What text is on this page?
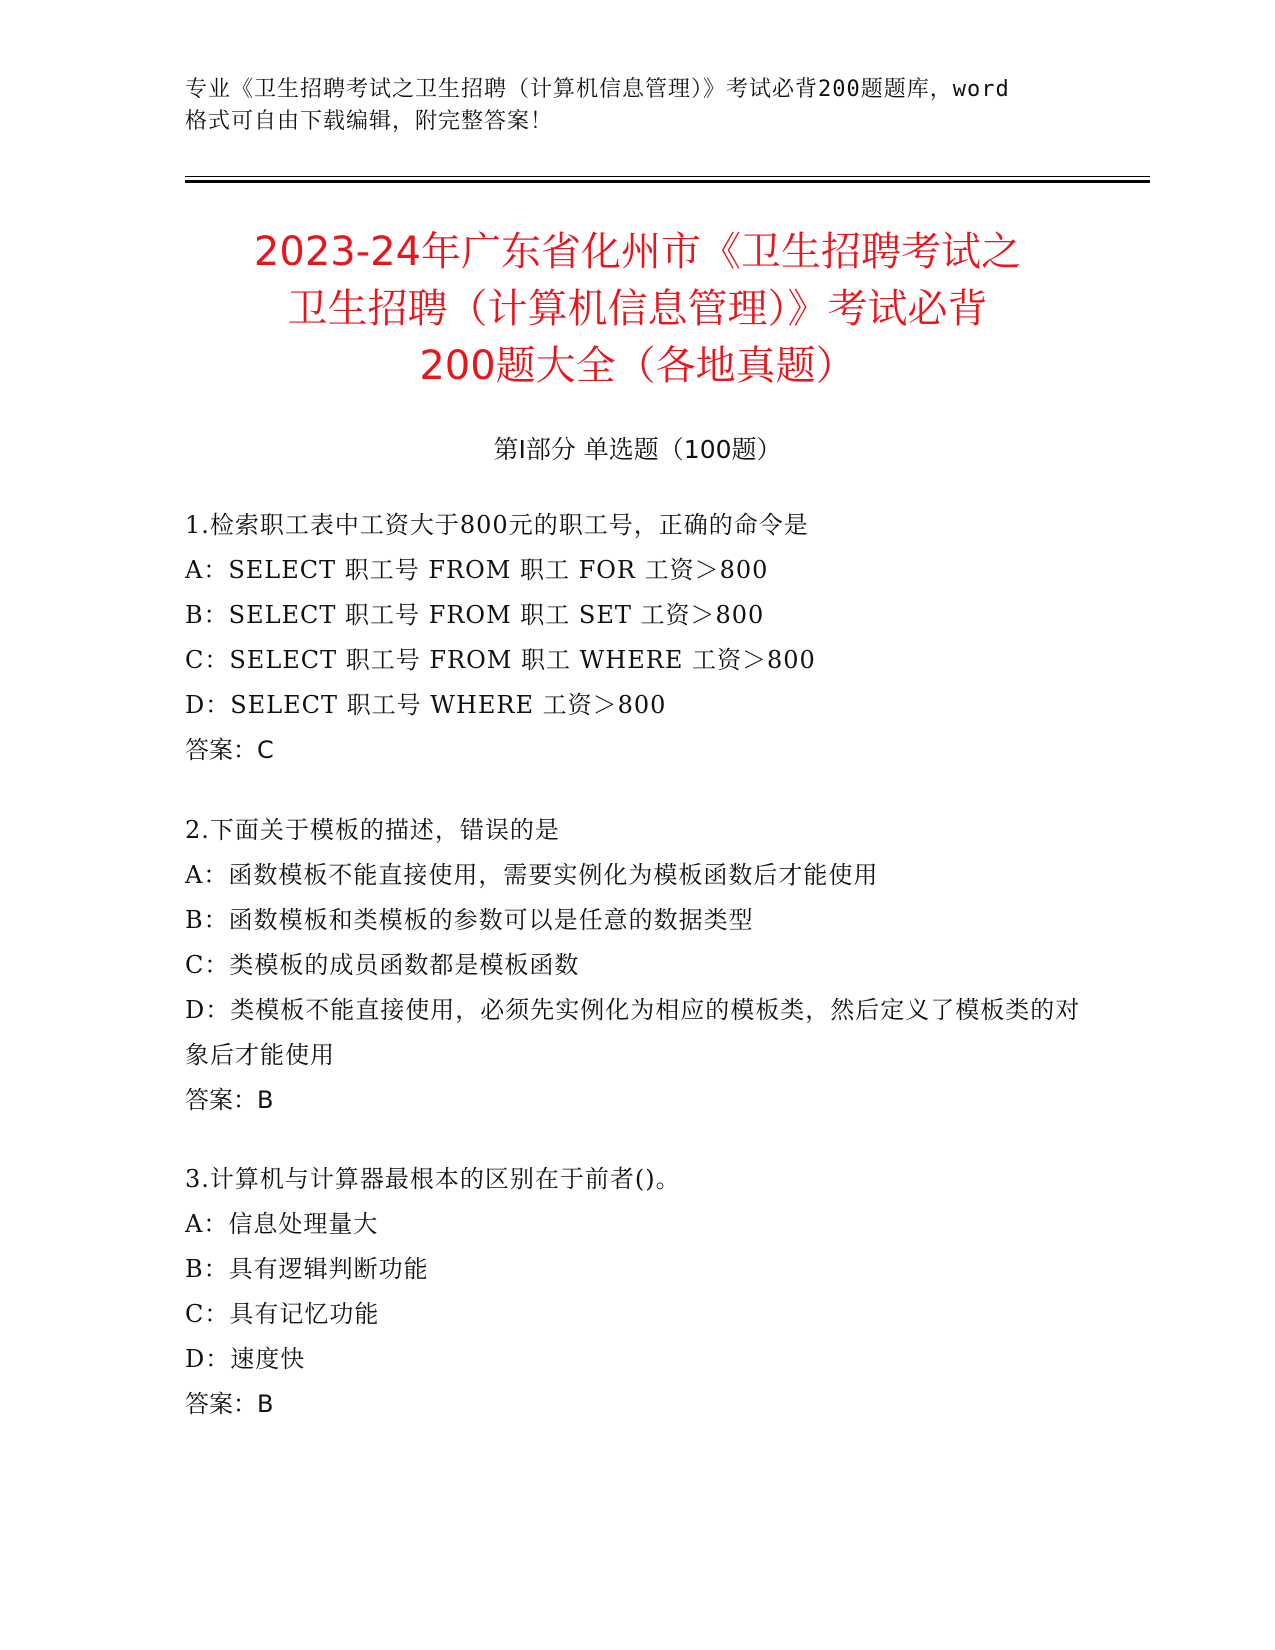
专业《卫生招聘考试之卫生招聘（计算机信息管理）》考试必背200题题库，word
格式可自由下载编辑，附完整答案！
2023-24年广东省化州市《卫生招聘考试之
卫生招聘（计算机信息管理）》考试必背
200题大全（各地真题）
第Ⅰ部分 单选题（100题）
1.检索职工表中工资大于800元的职工号，正确的命令是
A：SELECT 职工号 FROM 职工 FOR 工资＞800
B：SELECT 职工号 FROM 职工 SET 工资＞800
C：SELECT 职工号 FROM 职工 WHERE 工资＞800
D：SELECT 职工号 WHERE 工资＞800
答案：C
2.下面关于模板的描述，错误的是
A：函数模板不能直接使用，需要实例化为模板函数后才能使用
B：函数模板和类模板的参数可以是任意的数据类型
C：类模板的成员函数都是模板函数
D：类模板不能直接使用，必须先实例化为相应的模板类，然后定义了模板类的对象后才能使用
答案：B
3.计算机与计算器最根本的区别在于前者()。
A：信息处理量大
B：具有逻辑判断功能
C：具有记忆功能
D：速度快
答案：B
